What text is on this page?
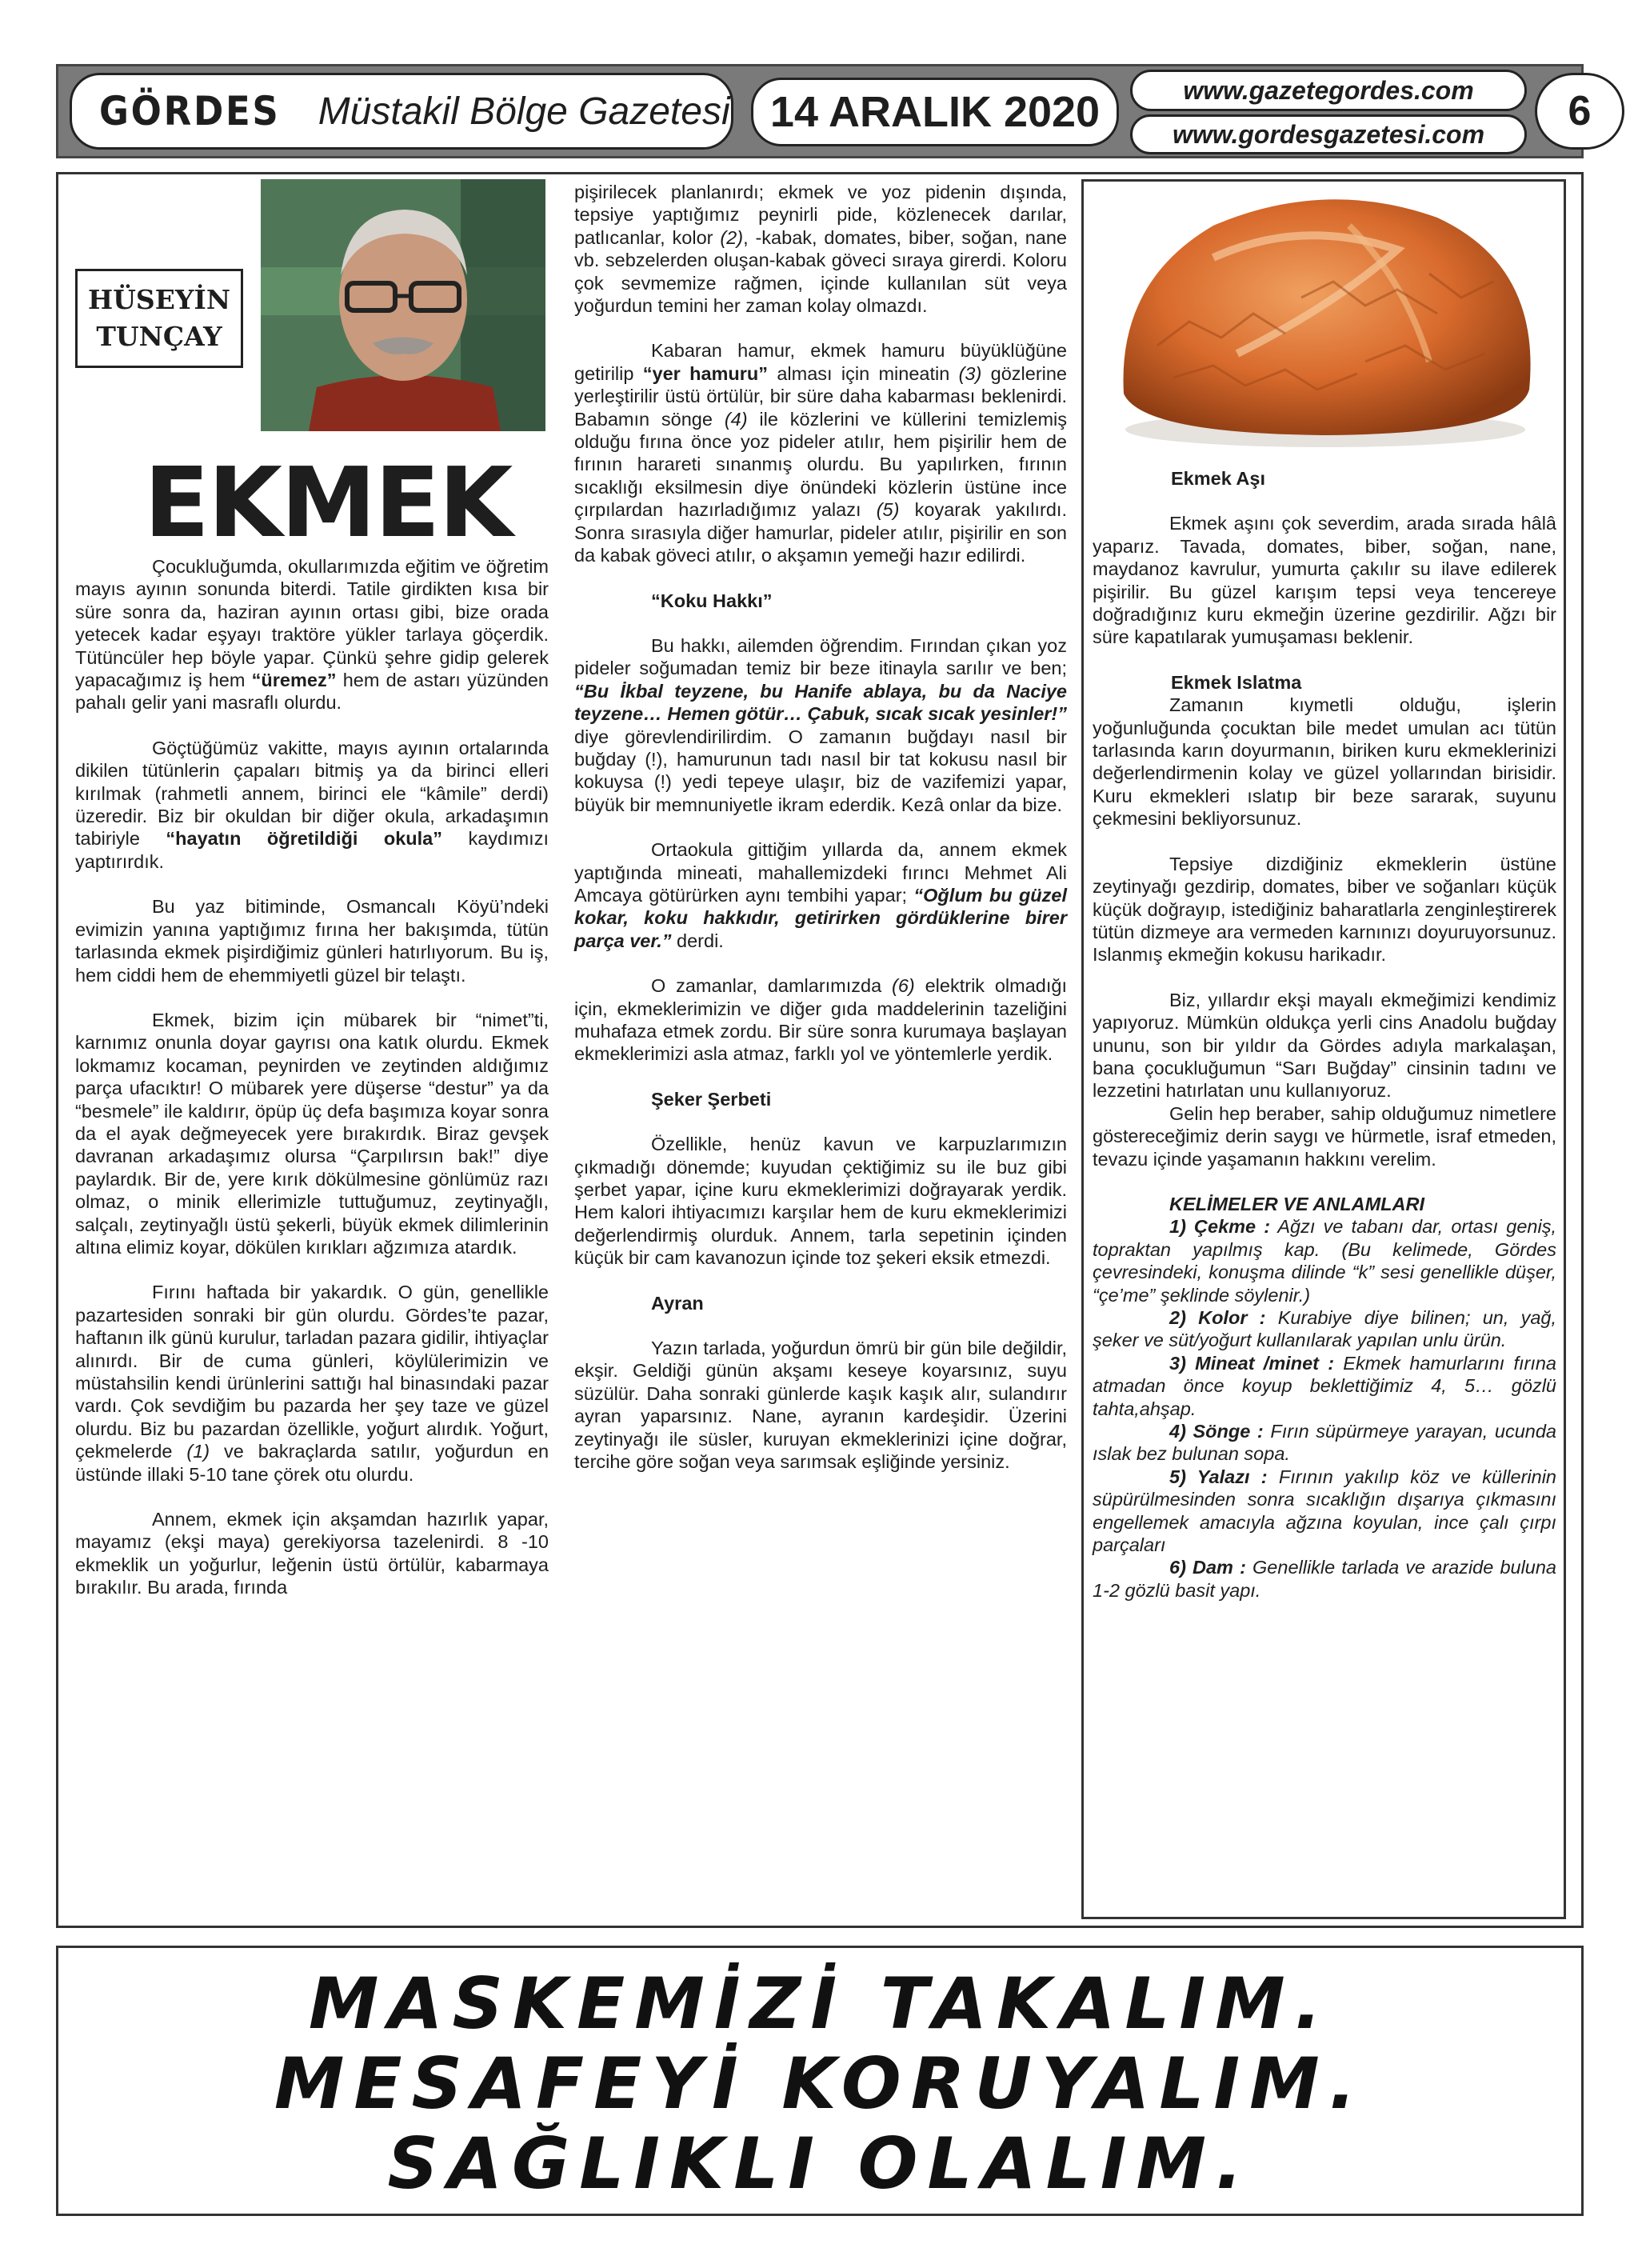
GÖRDES Müstakil Bölge Gazetesi 14 ARALIK 2020	www.gazetegordes.com
www.gordesgazetesi.com	6
HÜSEYİN
TUNÇAY
EKMEK

Çocukluğumda, okullarımızda eğitim ve öğretim mayıs ayının sonunda biterdi. Tatile girdikten kısa bir süre sonra da, haziran ayının ortası gibi, bize orada yetecek kadar eşyayı traktöre yükler tarlaya göçerdik. Tütüncüler hep böyle yapar. Çünkü şehre gidip gelerek yapacağımız iş hem “üremez” hem de astarı yüzünden pahalı gelir yani masraflı olurdu.

Göçtüğümüz vakitte, mayıs ayının ortalarında dikilen tütünlerin çapaları bitmiş ya da birinci elleri kırılmak (rahmetli annem, birinci ele “kâmile” derdi) üzeredir. Biz bir okuldan bir diğer okula, arkadaşımın tabiriyle “hayatın öğretildiği okula” kaydımızı yaptırırdık.

Bu yaz bitiminde, Osmancalı Köyü’ndeki evimizin yanına yaptığımız fırına her bakışımda, tütün tarlasında ekmek pişirdiğimiz günleri hatırlıyorum. Bu iş, hem ciddi hem de ehemmiyetli güzel bir telaştı.

Ekmek, bizim için mübarek bir “nimet”ti, karnımız onunla doyar gayrısı ona katık olurdu. Ekmek lokmamız kocaman, peynirden ve zeytinden aldığımız parça ufacıktır! O mübarek yere düşerse “destur” ya da “besmele” ile kaldırır, öpüp üç defa başımıza koyar sonra da el ayak değmeyecek yere bırakırdık. Biraz gevşek davranan arkadaşımız olursa “Çarpılırsın bak!” diye paylardık. Bir de, yere kırık dökülmesine gönlümüz razı olmaz, o minik ellerimizle tuttuğumuz, zeytinyağlı, salçalı, zeytinyağlı üstü şekerli, büyük ekmek dilimlerinin altına elimiz koyar, dökülen kırıkları ağzımıza atardık.

Fırını haftada bir yakardık. O gün, genellikle pazartesiden sonraki bir gün olurdu. Gördes’te pazar, haftanın ilk günü kurulur, tarladan pazara gidilir, ihtiyaçlar alınırdı. Bir de cuma günleri, köylülerimizin ve müstahsilin kendi ürünlerini sattığı hal binasındaki pazar vardı. Çok sevdiğim bu pazarda her şey taze ve güzel olurdu. Biz bu pazardan özellikle, yoğurt alırdık. Yoğurt, çekmelerde (1) ve bakraçlarda satılır, yoğurdun en üstünde illaki 5-10 tane çörek otu olurdu.

Annem, ekmek için akşamdan hazırlık yapar, mayamız (ekşi maya) gerekiyorsa tazelenirdi. 8 -10 ekmeklik un yoğurlur, leğenin üstü örtülür, kabarmaya bırakılır. Bu arada, fırında

pişirilecek planlanırdı; ekmek ve yoz pidenin dışında, tepsiye yaptığımız peynirli pide, közlenecek darılar, patlıcanlar, kolor (2), -kabak, domates, biber, soğan, nane vb. sebzelerden oluşan-kabak göveci sıraya girerdi. Koloru çok sevmemize rağmen, içinde kullanılan süt veya yoğurdun temini her zaman kolay olmazdı.

Kabaran hamur, ekmek hamuru büyüklüğüne getirilip “yer hamuru” alması için mineatin (3) gözlerine yerleştirilir üstü örtülür, bir süre daha kabarması beklenirdi. Babamın sönge (4) ile közlerini ve küllerini temizlemiş olduğu fırına önce yoz pideler atılır, hem pişirilir hem de fırının harareti sınanmış olurdu. Bu yapılırken, fırının sıcaklığı eksilmesin diye önündeki közlerin üstüne ince çırpılardan hazırladığımız yalazı (5) koyarak yakılırdı. Sonra sırasıyla diğer hamurlar, pideler atılır, pişirilir en son da kabak göveci atılır, o akşamın yemeği hazır edilirdi.

“Koku Hakkı”

Bu hakkı, ailemden öğrendim. Fırından çıkan yoz pideler soğumadan temiz bir beze itinayla sarılır ve ben; “Bu İkbal teyzene, bu Hanife ablaya, bu da Naciye teyzene… Hemen götür… Çabuk, sıcak sıcak yesinler!” diye görevlendirilirdim. O zamanın buğdayı nasıl bir buğday (!), hamurunun tadı nasıl bir tat kokusu nasıl bir kokuysa (!) yedi tepeye ulaşır, biz de vazifemizi yapar, büyük bir memnuniyetle ikram ederdik. Kezâ onlar da bize.

Ortaokula gittiğim yıllarda da, annem ekmek yaptığında mineati, mahallemizdeki fırıncı Mehmet Ali Amcaya götürürken aynı tembihi yapar; “Oğlum bu güzel kokar, koku hakkıdır, getirirken gördüklerine birer parça ver.” derdi.

O zamanlar, damlarımızda (6) elektrik olmadığı için, ekmeklerimizin ve diğer gıda maddelerinin tazeliğini muhafaza etmek zordu. Bir süre sonra kurumaya başlayan ekmeklerimizi asla atmaz, farklı yol ve yöntemlerle yerdik.

Şeker Şerbeti

Özellikle, henüz kavun ve karpuzlarımızın çıkmadığı dönemde; kuyudan çektiğimiz su ile buz gibi şerbet yapar, içine kuru ekmeklerimizi doğrayarak yerdik. Hem kalori ihtiyacımızı karşılar hem de kuru ekmeklerimizi değerlendirmiş olurduk. Annem, tarla sepetinin içinden küçük bir cam kavanozun içinde toz şekeri eksik etmezdi.

Ayran

Yazın tarlada, yoğurdun ömrü bir gün bile değildir, ekşir. Geldiği günün akşamı keseye koyarsınız, suyu süzülür. Daha sonraki günlerde kaşık kaşık alır, sulandırır ayran yaparsınız. Nane, ayranın kardeşidir. Üzerini zeytinyağı ile süsler, kuruyan ekmeklerinizi içine doğrar, tercihe göre soğan veya sarımsak eşliğinde yersiniz.

Ekmek Aşı

Ekmek aşını çok severdim, arada sırada hâlâ yaparız. Tavada, domates, biber, soğan, nane, maydanoz kavrulur, yumurta çakılır su ilave edilerek pişirilir. Bu güzel karışım tepsi veya tencereye doğradığınız kuru ekmeğin üzerine gezdirilir. Ağzı bir süre kapatılarak yumuşaması beklenir.

Ekmek Islatma

Zamanın kıymetli olduğu, işlerin yoğunluğunda çocuktan bile medet umulan acı tütün tarlasında karın doyurmanın, biriken kuru ekmeklerinizi değerlendirmenin kolay ve güzel yollarından birisidir. Kuru ekmekleri ıslatıp bir beze sararak, suyunu çekmesini bekliyorsunuz.

Tepsiye dizdiğiniz ekmeklerin üstüne zeytinyağı gezdirip, domates, biber ve soğanları küçük küçük doğrayıp, istediğiniz baharatlarla zenginleştirerek tütün dizmeye ara vermeden karnınızı doyuruyorsunuz. Islanmış ekmeğin kokusu harikadır.

Biz, yıllardır ekşi mayalı ekmeğimizi kendimiz yapıyoruz. Mümkün oldukça yerli cins Anadolu buğday ununu, son bir yıldır da Gördes adıyla markalaşan, bana çocukluğumun “Sarı Buğday” cinsinin tadını ve lezzetini hatırlatan unu kullanıyoruz.

Gelin hep beraber, sahip olduğumuz nimetlere göstereceğimiz derin saygı ve hürmetle, israf etmeden, tevazu içinde yaşamanın hakkını verelim.

KELİMELER VE ANLAMLARI

1) Çekme : Ağzı ve tabanı dar, ortası geniş, topraktan yapılmış kap. (Bu kelimede, Gördes çevresindeki, konuşma dilinde “k” sesi genellikle düşer, “çe’me” şeklinde söylenir.)

2) Kolor : Kurabiye diye bilinen; un, yağ, şeker ve süt/yoğurt kullanılarak yapılan unlu ürün.

3) Mineat /minet : Ekmek hamurlarını fırına atmadan önce koyup beklettiğimiz 4, 5… gözlü tahta,ahşap.

4) Sönge : Fırın süpürmeye yarayan, ucunda ıslak bez bulunan sopa.

5) Yalazı : Fırının yakılıp köz ve küllerinin süpürülmesinden sonra sıcaklığın dışarıya çıkmasını engellemek amacıyla ağzına koyulan, ince çalı çırpı parçaları

6) Dam : Genellikle tarlada ve arazide buluna 1-2 gözlü basit yapı.

MASKEMİZİ TAKALIM.
MESAFEYİ KORUYALIM.
SAĞLIKLI OLALIM.
